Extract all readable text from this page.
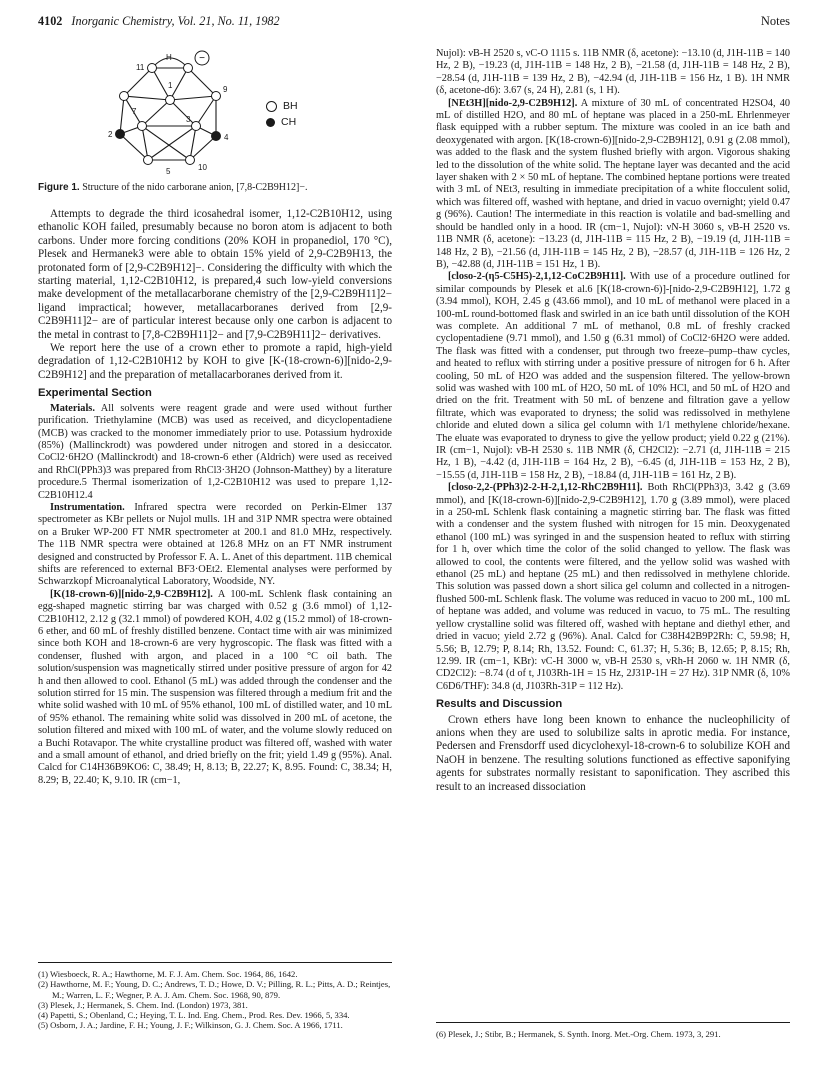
4102 Inorganic Chemistry, Vol. 21, No. 11, 1982	Notes
−
H
11
9
2
1
4
5
7
3
10
BH
CH
Figure 1. Structure of the nido carborane anion, [7,8-C2B9H12]−.

Attempts to degrade the third icosahedral isomer, 1,12-C2B10H12, using ethanolic KOH failed, presumably because no boron atom is adjacent to both carbons. Under more forcing conditions (20% KOH in propanediol, 170 °C), Plesek and Hermanek3 were able to obtain 15% yield of 2,9-C2B9H13, the protonated form of [2,9-C2B9H12]−. Considering the difficulty with which the starting material, 1,12-C2B10H12, is prepared,4 such low-yield conversions make development of the metallacarborane chemistry of the [2,9-C2B9H11]2− ligand impractical; however, metallacarboranes derived from [2,9-C2B9H11]2− are of particular interest because only one carbon is adjacent to the metal in contrast to [7,8-C2B9H11]2− and [7,9-C2B9H11]2− derivatives.

We report here the use of a crown ether to promote a rapid, high-yield degradation of 1,12-C2B10H12 by KOH to give [K-(18-crown-6)][nido-2,9-C2B9H12] and the preparation of metallacarboranes derived from it.

Experimental Section

Materials. All solvents were reagent grade and were used without further purification. Triethylamine (MCB) was used as received, and dicyclopentadiene (MCB) was cracked to the monomer immediately prior to use. Potassium hydroxide (85%) (Mallinckrodt) was powdered under nitrogen and stored in a desiccator. CoCl2·6H2O (Mallinckrodt) and 18-crown-6 ether (Aldrich) were used as received and RhCl(PPh3)3 was prepared from RhCl3·3H2O (Johnson-Matthey) by a literature procedure.5 Thermal isomerization of 1,2-C2B10H12 was used to prepare 1,12-C2B10H12.4

Instrumentation. Infrared spectra were recorded on Perkin-Elmer 137 spectrometer as KBr pellets or Nujol mulls. 1H and 31P NMR spectra were obtained on a Bruker WP-200 FT NMR spectrometer at 200.1 and 81.0 MHz, respectively. The 11B NMR spectra were obtained at 126.8 MHz on an FT NMR instrument designed and constructed by Professor F. A. L. Anet of this department. 11B chemical shifts are referenced to external BF3·OEt2. Elemental analyses were performed by Schwarzkopf Microanalytical Laboratory, Woodside, NY.

[K(18-crown-6)][nido-2,9-C2B9H12]. A 100-mL Schlenk flask containing an egg-shaped magnetic stirring bar was charged with 0.52 g (3.6 mmol) of 1,12-C2B10H12, 2.12 g (32.1 mmol) of powdered KOH, 4.02 g (15.2 mmol) of 18-crown-6 ether, and 60 mL of freshly distilled benzene. Contact time with air was minimized since both KOH and 18-crown-6 are very hygroscopic. The flask was fitted with a condenser, flushed with argon, and placed in a 100 °C oil bath. The solution/suspension was magnetically stirred under positive pressure of argon for 42 h and then allowed to cool. Ethanol (5 mL) was added through the condenser and the solution stirred for 15 min. The suspension was filtered through a medium frit and the white solid washed with 10 mL of 95% ethanol, 100 mL of distilled water, and 10 mL of 95% ethanol. The remaining white solid was dissolved in 200 mL of acetone, the solution filtered and mixed with 100 mL of water, and the volume slowly reduced on a Buchi Rotavapor. The white crystalline product was filtered off, washed with water and a small amount of ethanol, and dried briefly on the frit; yield 1.49 g (95%). Anal. Calcd for C14H36B9KO6: C, 38.49; H, 8.13; B, 22.27; K, 8.95. Found: C, 38.34; H, 8.29; B, 22.40; K, 9.10. IR (cm−1,

(1) Wiesboeck, R. A.; Hawthorne, M. F. J. Am. Chem. Soc. 1964, 86, 1642.

(2) Hawthorne, M. F.; Young, D. C.; Andrews, T. D.; Howe, D. V.; Pilling, R. L.; Pitts, A. D.; Reintjes, M.; Warren, L. F.; Wegner, P. A. J. Am. Chem. Soc. 1968, 90, 879.

(3) Plesek, J.; Hermanek, S. Chem. Ind. (London) 1973, 381.

(4) Papetti, S.; Obenland, C.; Heying, T. L. Ind. Eng. Chem., Prod. Res. Dev. 1966, 5, 334.

(5) Osborn, J. A.; Jardine, F. H.; Young, J. F.; Wilkinson, G. J. Chem. Soc. A 1966, 1711.

Nujol): νB-H 2520 s, νC-O 1115 s. 11B NMR (δ, acetone): −13.10 (d, J1H-11B = 140 Hz, 2 B), −19.23 (d, J1H-11B = 148 Hz, 2 B), −21.58 (d, J1H-11B = 148 Hz, 2 B), −28.54 (d, J1H-11B = 139 Hz, 2 B), −42.94 (d, J1H-11B = 156 Hz, 1 B). 1H NMR (δ, acetone-d6): 3.67 (s, 24 H), 2.81 (s, 1 H).

[NEt3H][nido-2,9-C2B9H12]. A mixture of 30 mL of concentrated H2SO4, 40 mL of distilled H2O, and 80 mL of heptane was placed in a 250-mL Ehrlenmeyer flask equipped with a rubber septum. The mixture was cooled in an ice bath and deoxygenated with argon. [K(18-crown-6)][nido-2,9-C2B9H12], 0.91 g (2.08 mmol), was added to the flask and the system flushed briefly with argon. Vigorous shaking led to the dissolution of the white solid. The heptane layer was decanted and the acid layer shaken with 2 × 50 mL of heptane. The combined heptane portions were treated with 3 mL of NEt3, resulting in immediate precipitation of a white flocculent solid, which was filtered off, washed with heptane, and dried in vacuo overnight; yield 0.47 g (96%). Caution! The intermediate in this reaction is volatile and bad-smelling and should be handled only in a hood. IR (cm−1, Nujol): νN-H 3060 s, νB-H 2520 vs. 11B NMR (δ, acetone): −13.23 (d, J1H-11B = 115 Hz, 2 B), −19.19 (d, J1H-11B = 148 Hz, 2 B), −21.56 (d, J1H-11B = 145 Hz, 2 B), −28.57 (d, J1H-11B = 126 Hz, 2 B), −42.88 (d, J1H-11B = 151 Hz, 1 B).

[closo-2-(η5-C5H5)-2,1,12-CoC2B9H11]. With use of a procedure outlined for similar compounds by Plesek et al.6 [K(18-crown-6)]-[nido-2,9-C2B9H12], 1.72 g (3.94 mmol), KOH, 2.45 g (43.66 mmol), and 10 mL of methanol were placed in a 100-mL round-bottomed flask and swirled in an ice bath until dissolution of the KOH was complete. An additional 7 mL of methanol, 0.8 mL of freshly cracked cyclopentadiene (9.71 mmol), and 1.50 g (6.31 mmol) of CoCl2·6H2O were added. The flask was fitted with a condenser, put through two freeze–pump–thaw cycles, and heated to reflux with stirring under a positive pressure of nitrogen for 6 h. After cooling, 50 mL of H2O was added and the suspension filtered. The yellow-brown solid was washed with 100 mL of H2O, 50 mL of 10% HCl, and 50 mL of H2O and dried on the frit. Treatment with 50 mL of benzene and filtration gave a yellow filtrate, which was evaporated to dryness; the solid was redissolved in methylene chloride and eluted down a silica gel column with 1/1 methylene chloride/hexane. The eluate was evaporated to dryness to give the yellow product; yield 0.22 g (21%). IR (cm−1, Nujol): νB-H 2530 s. 11B NMR (δ, CH2Cl2): −2.71 (d, J1H-11B = 215 Hz, 1 B), −4.42 (d, J1H-11B = 164 Hz, 2 B), −6.45 (d, J1H-11B = 153 Hz, 2 B), −15.55 (d, J1H-11B = 158 Hz, 2 B), −18.84 (d, J1H-11B = 161 Hz, 2 B).

[closo-2,2-(PPh3)2-2-H-2,1,12-RhC2B9H11]. Both RhCl(PPh3)3, 3.42 g (3.69 mmol), and [K(18-crown-6)][nido-2,9-C2B9H12], 1.70 g (3.89 mmol), were placed in a 250-mL Schlenk flask containing a magnetic stirring bar. The flask was fitted with a condenser and the system flushed with nitrogen for 15 min. Deoxygenated ethanol (100 mL) was syringed in and the suspension heated to reflux with stirring for 1 h, over which time the color of the solid changed to yellow. The flask was allowed to cool, the contents were filtered, and the yellow solid was washed with ethanol (25 mL) and heptane (25 mL) and then redissolved in methylene chloride. This solution was passed down a short silica gel column and collected in a nitrogen-flushed 500-mL Schlenk flask. The volume was reduced in vacuo to 200 mL, 100 mL of heptane was added, and volume was reduced in vacuo, to 75 mL. The resulting yellow crystalline solid was filtered off, washed with heptane and diethyl ether, and dried in vacuo; yield 2.72 g (96%). Anal. Calcd for C38H42B9P2Rh: C, 59.98; H, 5.56; B, 12.79; P, 8.14; Rh, 13.52. Found: C, 61.37; H, 5.36; B, 12.65; P, 8.15; Rh, 12.99. IR (cm−1, KBr): νC-H 3000 w, νB-H 2530 s, νRh-H 2060 w. 1H NMR (δ, CD2Cl2): −8.74 (d of t, J103Rh-1H = 15 Hz, 2J31P-1H = 27 Hz). 31P NMR (δ, 10% C6D6/THF): 34.8 (d, J103Rh-31P = 112 Hz).

Results and Discussion

Crown ethers have long been known to enhance the nucleophilicity of anions when they are used to solubilize salts in aprotic media. For instance, Pedersen and Frensdorff used dicyclohexyl-18-crown-6 to solubilize KOH and NaOH in benzene. The resulting solutions functioned as effective saponifying agents for substrates normally resistant to saponification. They ascribed this result to an increased dissociation

(6) Plesek, J.; Stibr, B.; Hermanek, S. Synth. Inorg. Met.-Org. Chem. 1973, 3, 291.
